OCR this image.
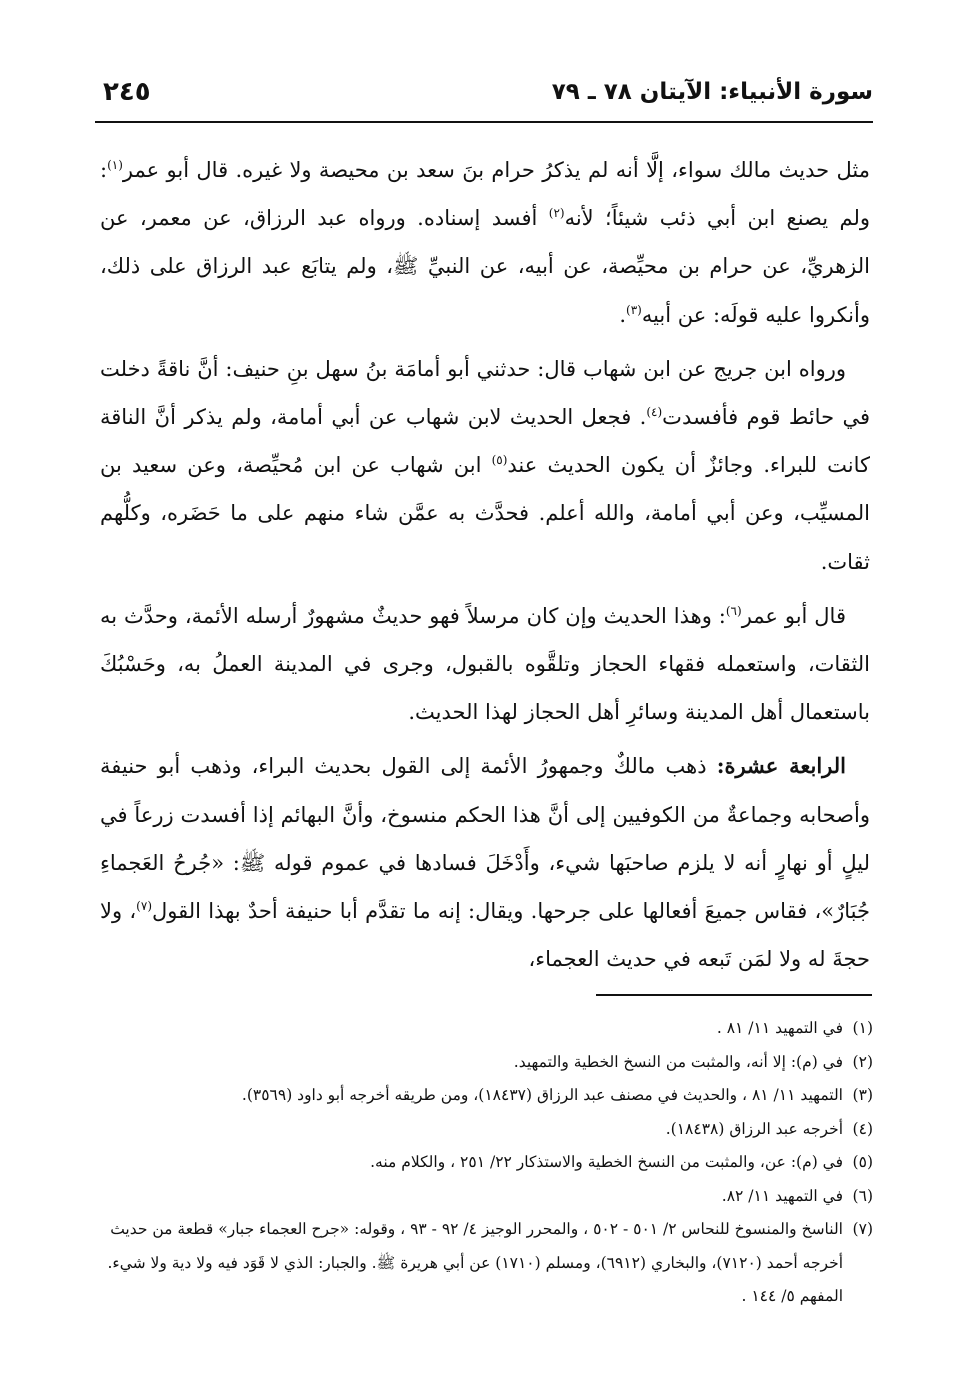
سورة الأنبياء: الآيتان ٧٨ ـ ٧٩
٢٤٥

مثل حديث مالك سواء، إلَّا أنه لم يذكرُ حرام بنَ سعد بن محيصة ولا غيره. قال أبو عمر$^{(١)}$: ولم يصنع ابن أبي ذئب شيئاً؛ لأنه$^{(٢)}$ أفسد إسناده. ورواه عبد الرزاق، عن معمر، عن الزهريِّ، عن حرام بن محيِّصة، عن أبيه، عن النبيِّ ﷺ، ولم يتابَع عبد الرزاق على ذلك، وأنكروا عليه قولَه: عن أبيه$^{(٣)}$.

ورواه ابن جريج عن ابن شهاب قال: حدثني أبو أمامَة بنُ سهل بنِ حنيف: أنَّ ناقةً دخلت في حائط قوم فأفسدت$^{(٤)}$. فجعل الحديث لابن شهاب عن أبي أمامة، ولم يذكر أنَّ الناقة كانت للبراء. وجائزٌ أن يكون الحديث عند$^{(٥)}$ ابن شهاب عن ابن مُحيِّصة، وعن سعيد بن المسيِّب، وعن أبي أمامة، والله أعلم. فحدَّث به عمَّن شاء منهم على ما حَضَره، وكلُّهم ثقات.

قال أبو عمر$^{(٦)}$: وهذا الحديث وإن كان مرسلاً فهو حديثٌ مشهورٌ أرسله الأئمة، وحدَّث به الثقات، واستعمله فقهاء الحجاز وتلقَّوه بالقبول، وجرى في المدينة العملُ به، وحَسْبُكَ باستعمال أهل المدينة وسائرِ أهل الحجاز لهذا الحديث.

الرابعة عشرة: ذهب مالكٌ وجمهورُ الأئمة إلى القول بحديث البراء، وذهب أبو حنيفة وأصحابه وجماعةٌ من الكوفيين إلى أنَّ هذا الحكم منسوخ، وأنَّ البهائم إذا أفسدت زرعاً في ليلٍ أو نهارٍ أنه لا يلزم صاحبَها شيء، وأَدْخَلَ فسادها في عموم قوله ﷺ: «جُرحُ العَجماءِ جُبَارٌ»، فقاس جميعَ أفعالها على جرحها. ويقال: إنه ما تقدَّم أبا حنيفة أحدٌ بهذا القول$^{(٧)}$، ولا حجةَ له ولا لمَن تَبعه في حديث العجماء،

(١)في التمهيد ١١/ ٨١ .

(٢)في (م): إلا أنه، والمثبت من النسخ الخطية والتمهيد.

(٣)التمهيد ١١/ ٨١ ، والحديث في مصنف عبد الرزاق (١٨٤٣٧)، ومن طريقه أخرجه أبو داود (٣٥٦٩).

(٤)أخرجه عبد الرزاق (١٨٤٣٨).

(٥)في (م): عن، والمثبت من النسخ الخطية والاستذكار ٢٢/ ٢٥١ ، والكلام منه.

(٦)في التمهيد ١١/ ٨٢.

(٧)الناسخ والمنسوخ للنحاس ٢/ ٥٠١ - ٥٠٢ ، والمحرر الوجيز ٤/ ٩٢ - ٩٣ ، وقوله: «جرح العجماء جبار» قطعة من حديث أخرجه أحمد (٧١٢٠)، والبخاري (٦٩١٢)، ومسلم (١٧١٠) عن أبي هريرة ﷺ. والجبار: الذي لا قَوَد فيه ولا دية ولا شيء. المفهم ٥/ ١٤٤ .
